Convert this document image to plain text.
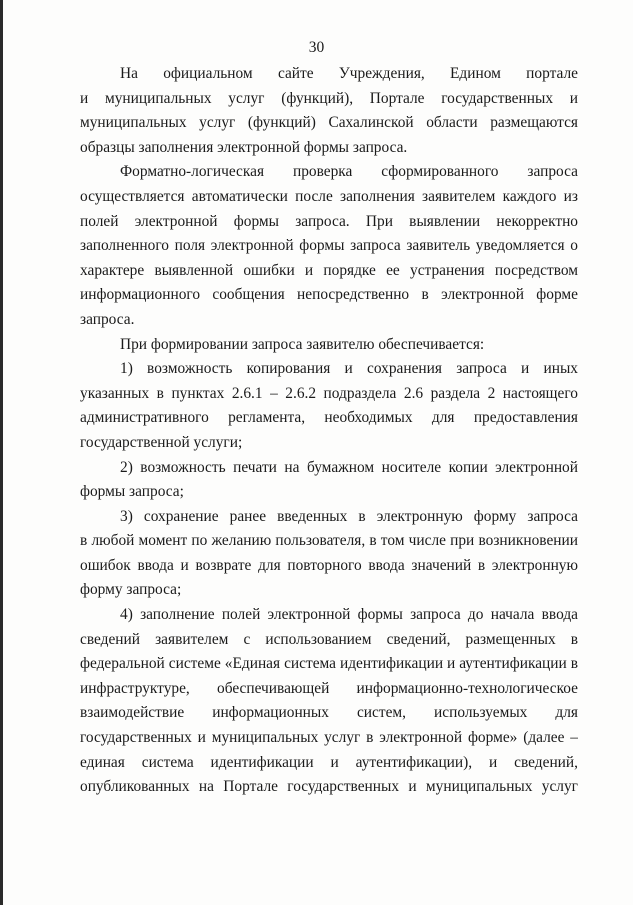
30
На официальном сайте Учреждения, Едином портале
и муниципальных услуг (функций), Портале государственных и
муниципальных услуг (функций) Сахалинской области размещаются
образцы заполнения электронной формы запроса.
Форматно-логическая проверка сформированного запроса
осуществляется автоматически после заполнения заявителем каждого из
полей электронной формы запроса. При выявлении некорректно
заполненного поля электронной формы запроса заявитель уведомляется о
характере выявленной ошибки и порядке ее устранения посредством
информационного сообщения непосредственно в электронной форме
запроса.
При формировании запроса заявителю обеспечивается:
1) возможность копирования и сохранения запроса и иных
указанных в пунктах 2.6.1 – 2.6.2 подраздела 2.6 раздела 2 настоящего
административного регламента, необходимых для предоставления
государственной услуги;
2) возможность печати на бумажном носителе копии электронной
формы запроса;
3) сохранение ранее введенных в электронную форму запроса
в любой момент по желанию пользователя, в том числе при возникновении
ошибок ввода и возврате для повторного ввода значений в электронную
форму запроса;
4) заполнение полей электронной формы запроса до начала ввода
сведений заявителем с использованием сведений, размещенных в
федеральной системе «Единая система идентификации и аутентификации в
инфраструктуре, обеспечивающей информационно-технологическое
взаимодействие информационных систем, используемых для
государственных и муниципальных услуг в электронной форме» (далее –
единая система идентификации и аутентификации), и сведений,
опубликованных на Портале государственных и муниципальных услуг
